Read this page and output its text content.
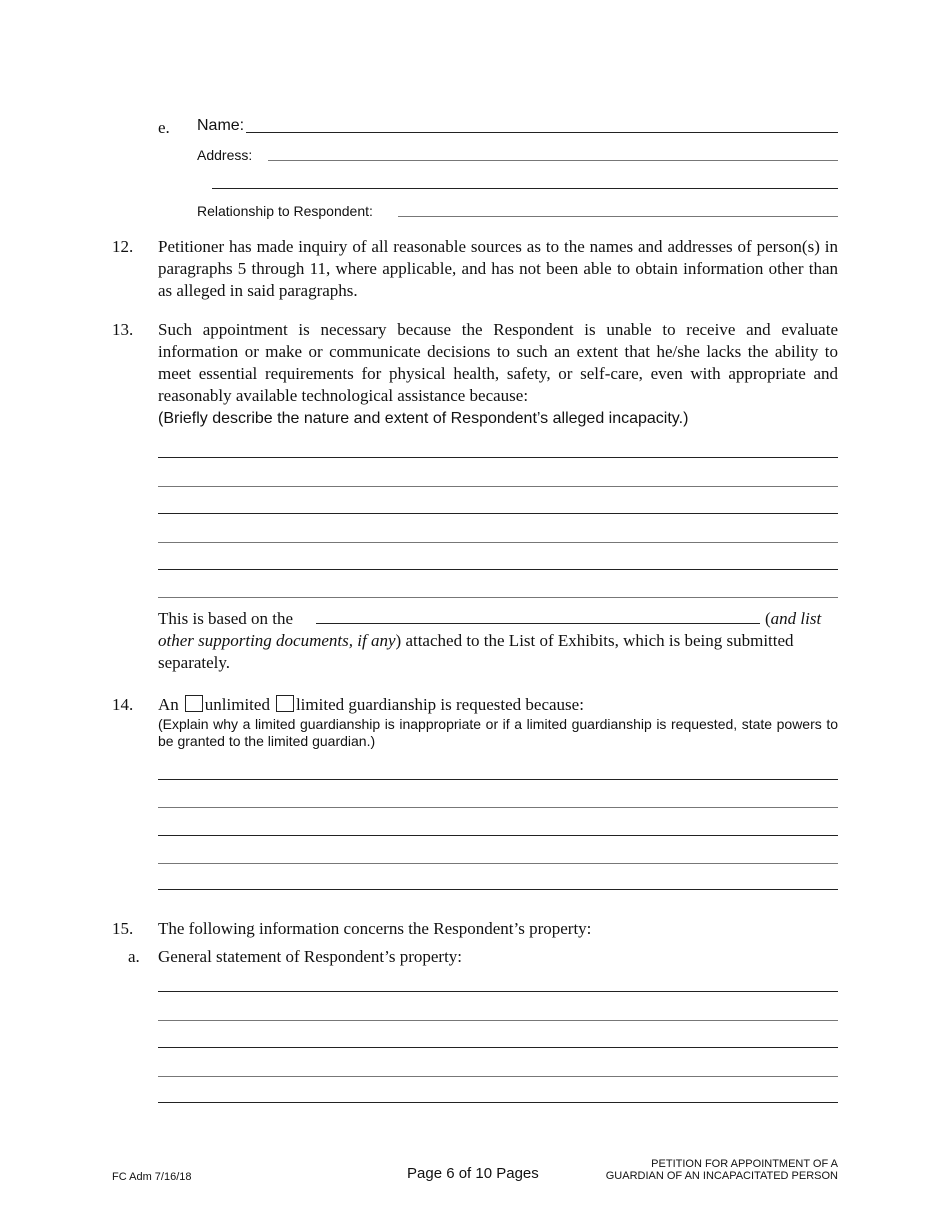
e. Name:
Address:
Relationship to Respondent:
12. Petitioner has made inquiry of all reasonable sources as to the names and addresses of person(s) in paragraphs 5 through 11, where applicable, and has not been able to obtain information other than as alleged in said paragraphs.
13. Such appointment is necessary because the Respondent is unable to receive and evaluate information or make or communicate decisions to such an extent that he/she lacks the ability to meet essential requirements for physical health, safety, or self-care, even with appropriate and reasonably available technological assistance because:
(Briefly describe the nature and extent of Respondent’s alleged incapacity.)
This is based on the	(and list
other supporting documents, if any) attached to the List of Exhibits, which is being submitted
separately.
14. An unlimited limited guardianship is requested because:
(Explain why a limited guardianship is inappropriate or if a limited guardianship is requested, state powers to be granted to the limited guardian.)
15. The following information concerns the Respondent’s property:
a. General statement of Respondent’s property:
FC Adm 7/16/18	Page 6 of 10 Pages
PETITION FOR APPOINTMENT OF A
GUARDIAN OF AN INCAPACITATED PERSON
